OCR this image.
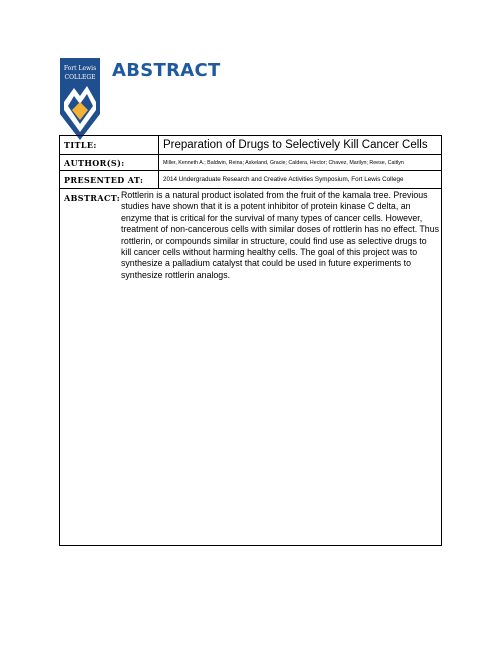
Fort Lewis
COLLEGE ABSTRACT
TITLE:	Preparation of Drugs to Selectively Kill Cancer Cells
AUTHOR(S):	Miller, Kenneth A.; Baldwin, Reina; Askeland, Gracie; Caldera, Hector; Chavez, Marilyn; Reese, Caitlyn
PRESENTED AT:	2014 Undergraduate Research and Creative Activities Symposium, Fort Lewis College
ABSTRACT: Rottlerin is a natural product isolated from the fruit of the kamala tree. Previous studies have shown that it is a potent inhibitor of protein kinase C delta, an enzyme that is critical for the survival of many types of cancer cells. However, treatment of non-cancerous cells with similar doses of rottlerin has no effect. Thus rottlerin, or compounds similar in structure, could find use as selective drugs to kill cancer cells without harming healthy cells. The goal of this project was to synthesize a palladium catalyst that could be used in future experiments to synthesize rottlerin analogs.
